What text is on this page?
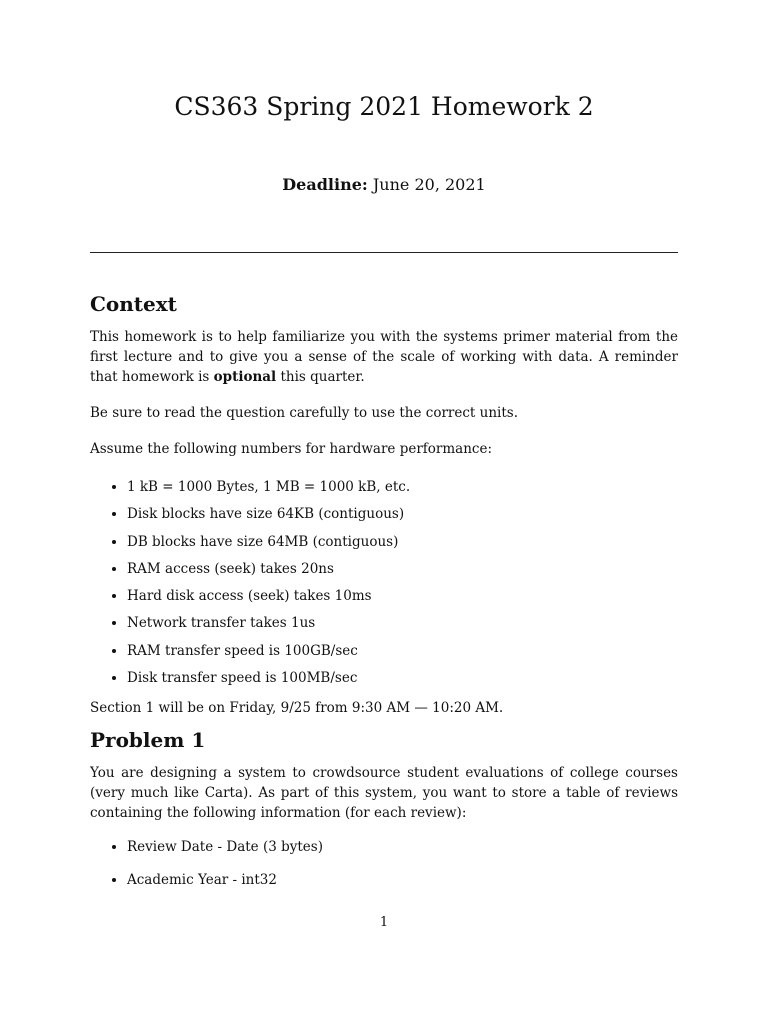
CS363 Spring 2021 Homework 2

Deadline: June 20, 2021

Context

This homework is to help familiarize you with the systems primer material from the first lecture and to give you a sense of the scale of working with data. A reminder that homework is optional this quarter.

Be sure to read the question carefully to use the correct units.

Assume the following numbers for hardware performance:

• 1 kB = 1000 Bytes, 1 MB = 1000 kB, etc.
• Disk blocks have size 64KB (contiguous)
• DB blocks have size 64MB (contiguous)
• RAM access (seek) takes 20ns
• Hard disk access (seek) takes 10ms
• Network transfer takes 1us
• RAM transfer speed is 100GB/sec
• Disk transfer speed is 100MB/sec

Section 1 will be on Friday, 9/25 from 9:30 AM — 10:20 AM.

Problem 1

You are designing a system to crowdsource student evaluations of college courses (very much like Carta). As part of this system, you want to store a table of reviews containing the following information (for each review):

• Review Date - Date (3 bytes)
• Academic Year - int32
1
